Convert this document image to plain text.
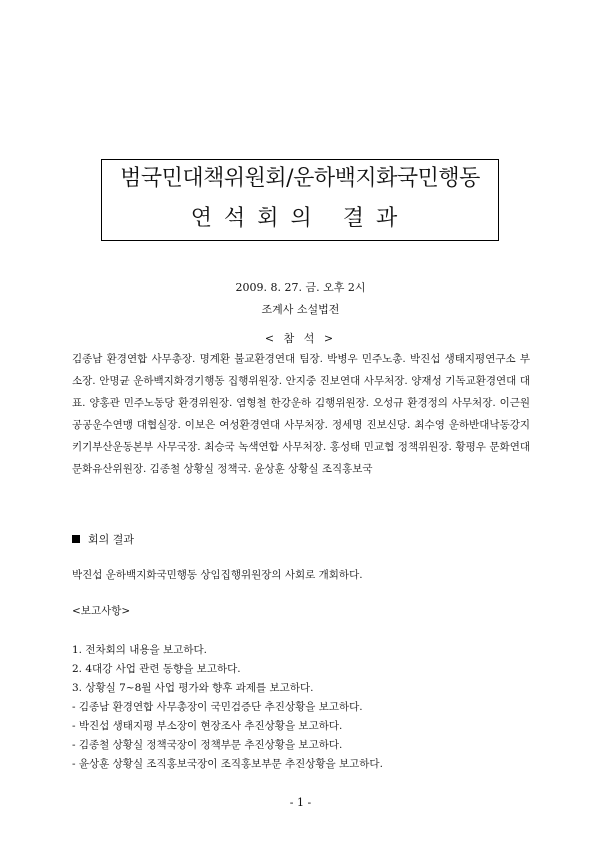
범국민대책위원회/운하백지화국민행동
연석회의 결과
2009. 8. 27. 금. 오후 2시
조계사 소설법전
< 참 석 >

김종남 환경연합 사무총장. 명계환 불교환경연대 팀장. 박병우 민주노총. 박진섭 생태지평연구소 부소장. 안명균 운하백지화경기행동 집행위원장. 안지중 진보연대 사무처장. 양재성 기독교환경연대 대표. 양홍관 민주노동당 환경위원장. 염형철 한강운하 김행위원장. 오성규 환경정의 사무처장. 이근원 공공운수연맹 대협실장. 이보은 여성환경연대 사무처장. 정세명 진보신당. 최수영 운하반대낙동강지키기부산운동본부 사무국장. 최승국 녹색연합 사무처장. 홍성태 민교협 정책위원장. 황평우 문화연대 문화유산위원장. 김종철 상황실 정책국. 윤상훈 상황실 조직홍보국

회의 결과

박진섭 운하백지화국민행동 상임집행위원장의 사회로 개회하다.

<보고사항>

1. 전차회의 내용을 보고하다.
2. 4대강 사업 관련 동향을 보고하다.
3. 상황실 7~8월 사업 평가와 향후 과제를 보고하다.
- 김종남 환경연합 사무총장이 국민검증단 추진상황을 보고하다.
- 박진섭 생태지평 부소장이 현장조사 추진상황을 보고하다.
- 김종철 상황실 정책국장이 정책부문 추진상황을 보고하다.
- 윤상훈 상황실 조직홍보국장이 조직홍보부문 추진상황을 보고하다.
- 1 -
